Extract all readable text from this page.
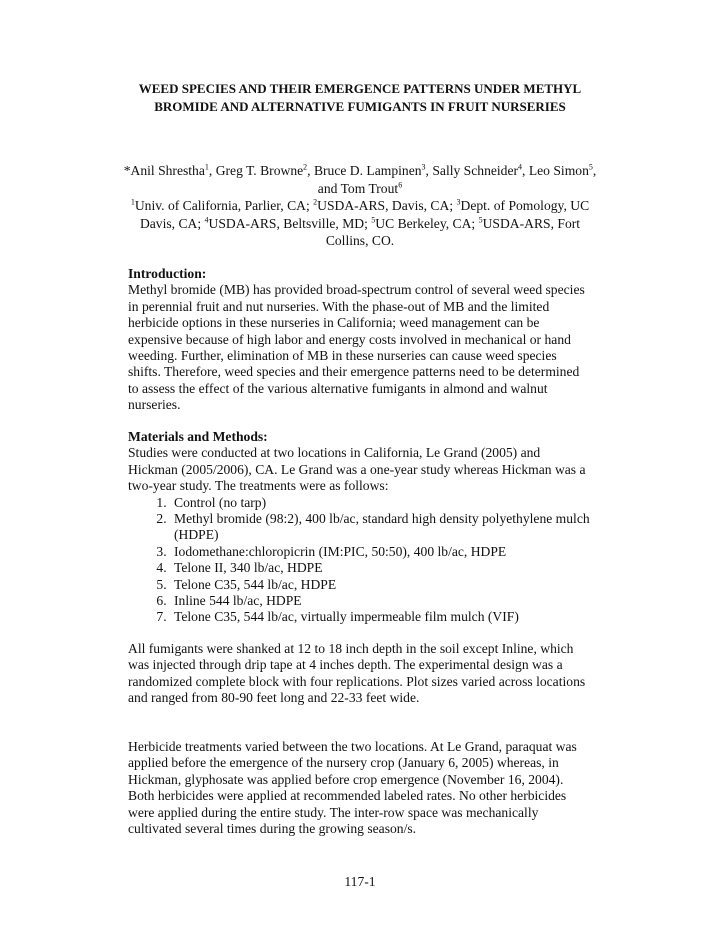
WEED SPECIES AND THEIR EMERGENCE PATTERNS UNDER METHYL BROMIDE AND ALTERNATIVE FUMIGANTS IN FRUIT NURSERIES
*Anil Shrestha$^1$, Greg T. Browne$^2$, Bruce D. Lampinen$^3$, Sally Schneider$^4$, Leo Simon$^5$, and Tom Trout$^6$
$^1$Univ. of California, Parlier, CA; $^2$USDA-ARS, Davis, CA; $^3$Dept. of Pomology, UC Davis, CA; $^4$USDA-ARS, Beltsville, MD; $^5$UC Berkeley, CA; $^5$USDA-ARS, Fort Collins, CO.
Introduction:

Methyl bromide (MB) has provided broad-spectrum control of several weed species in perennial fruit and nut nurseries. With the phase-out of MB and the limited herbicide options in these nurseries in California; weed management can be expensive because of high labor and energy costs involved in mechanical or hand weeding. Further, elimination of MB in these nurseries can cause weed species shifts. Therefore, weed species and their emergence patterns need to be determined to assess the effect of the various alternative fumigants in almond and walnut nurseries.

Materials and Methods:

Studies were conducted at two locations in California, Le Grand (2005) and Hickman (2005/2006), CA. Le Grand was a one-year study whereas Hickman was a two-year study. The treatments were as follows:

1. Control (no tarp)
2. Methyl bromide (98:2), 400 lb/ac, standard high density polyethylene mulch (HDPE)
3. Iodomethane:chloropicrin (IM:PIC, 50:50), 400 lb/ac, HDPE
4. Telone II, 340 lb/ac, HDPE
5. Telone C35, 544 lb/ac, HDPE
6. Inline 544 lb/ac, HDPE
7. Telone C35, 544 lb/ac, virtually impermeable film mulch (VIF)

All fumigants were shanked at 12 to 18 inch depth in the soil except Inline, which was injected through drip tape at 4 inches depth. The experimental design was a randomized complete block with four replications. Plot sizes varied across locations and ranged from 80-90 feet long and 22-33 feet wide.

Herbicide treatments varied between the two locations. At Le Grand, paraquat was applied before the emergence of the nursery crop (January 6, 2005) whereas, in Hickman, glyphosate was applied before crop emergence (November 16, 2004). Both herbicides were applied at recommended labeled rates. No other herbicides were applied during the entire study. The inter-row space was mechanically cultivated several times during the growing season/s.

117-1
